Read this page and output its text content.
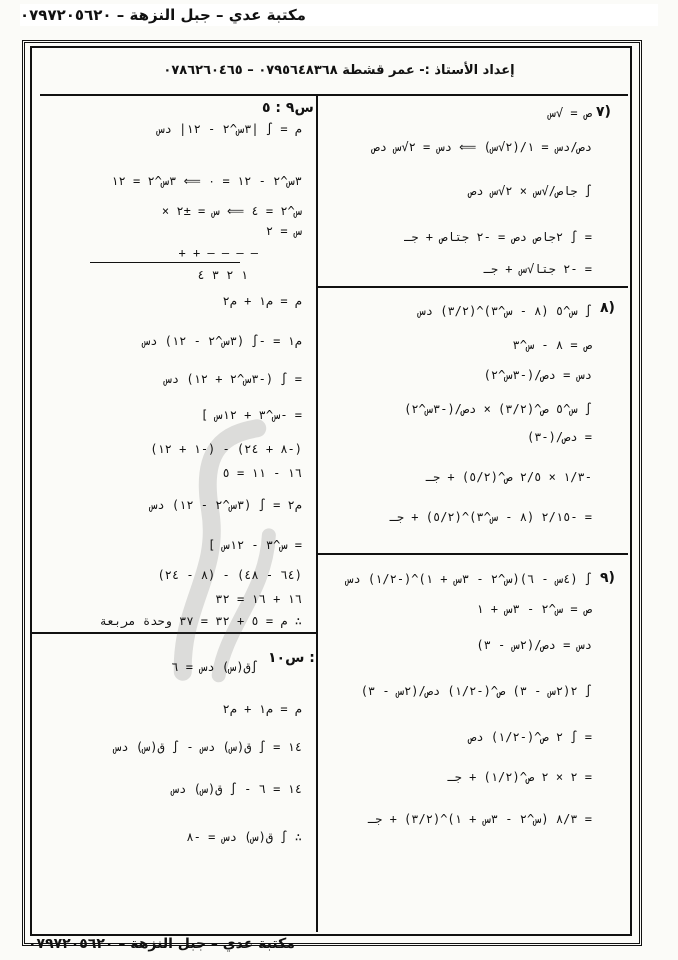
مكتبة عدي – جبل النزهة – ٠٧٩٧٢٠٥٦٢٠
إعداد الأستاذ :- عمر قشطة ٠٧٩٥٦٤٨٣٦٨ – ٠٧٨٦٢٦٠٤٦٥
٧)
ص = √س
دص/دس = ١/(٢√س) ⟸ دس = ٢√س دص
∫ جاص/√س × ٢√س دص
= ∫ ٢جاص دص = -٢ جتاص + جـ
= -٢ جتا√س + جـ
٨)
∫ س^٥ (٨ - س^٣)^(٣/٢) دس
ص = ٨ - س^٣
دس = دص/(-٣س^٢)
∫ س^٥ ص^(٣/٢) × دص/(-٣س^٢)
= دص/(-٣)
-١/٣ × ٢/٥ ص^(٥/٢) + جـ
= -٢/١٥ (٨ - س^٣)^(٥/٢) + جـ
٩)
∫ (٤س - ٦)(س^٢ - ٣س + ١)^(-١/٢) دس
ص = س^٢ - ٣س + ١
دس = دص/(٢س - ٣)
∫ ٢(٢س - ٣) ص^(-١/٢) دص/(٢س - ٣)
= ∫ ٢ ص^(-١/٢) دص
= ٢ × ٢ ص^(١/٢) + جـ
= ٨/٣ (س^٢ - ٣س + ١)^(٣/٢) + جـ
س٩ : ٥
م = ∫ |٣س^٢ - ١٢| دس
٣س^٢ - ١٢ = ٠ ⟸ ٣س^٢ = ١٢
س^٢ = ٤ ⟸ س = ±٢ ×
س = ٢
— — — — + +
١ ٢ ٣ ٤
م = م١ + م٢
م١ = -∫ (٣س^٢ - ١٢) دس
= ∫ (-٣س^٢ + ١٢) دس
= -س^٣ + ١٢س ]
(-٨ + ٢٤) - (-١ + ١٢)
١٦ - ١١ = ٥
م٢ = ∫ (٣س^٢ - ١٢) دس
= س^٣ - ١٢س ]
(٦٤ - ٤٨) - (٨ - ٢٤)
١٦ + ١٦ = ٣٢
∴ م = ٥ + ٣٢ = ٣٧ وحدة مربعة
س١٠ :
∫ق(س) دس = ٦
م = م١ + م٢
١٤ = ∫ ق(س) دس - ∫ ق(س) دس
١٤ = ٦ - ∫ ق(س) دس
∴ ∫ ق(س) دس = -٨
مكتبة عدي – جبل النزهة – ٠٧٩٧٢٠٥٦٢٠
